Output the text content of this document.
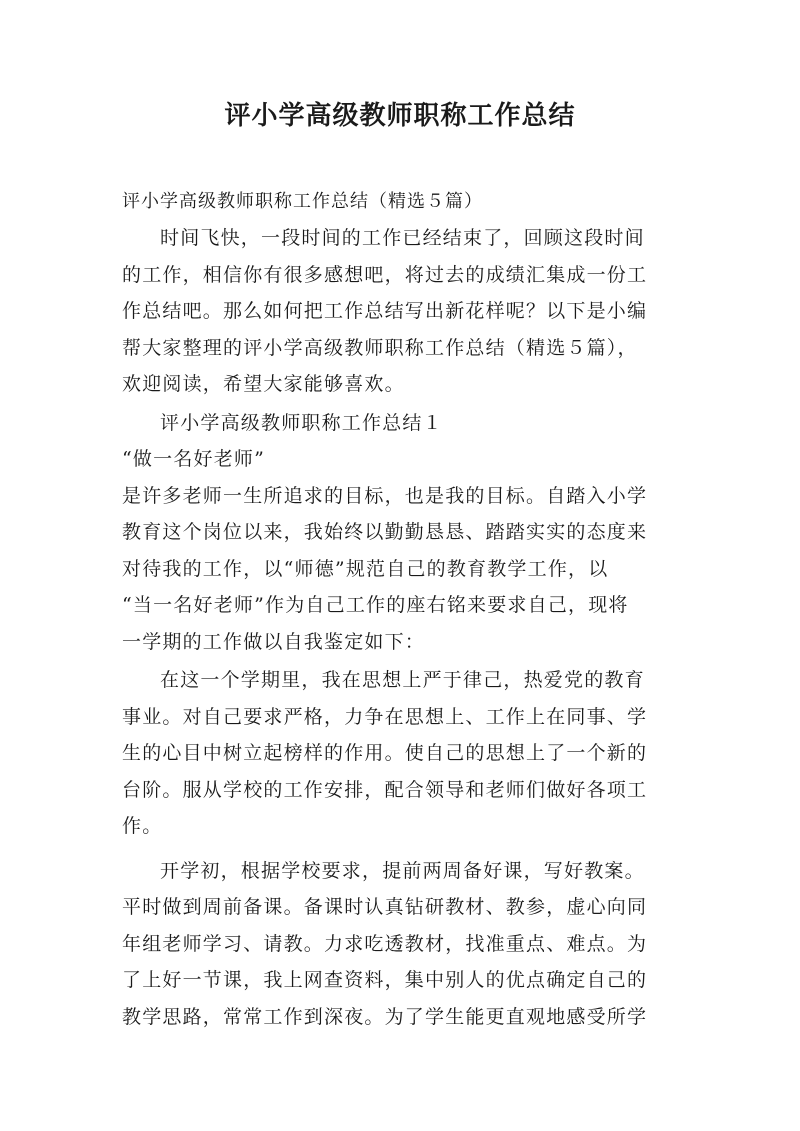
评小学高级教师职称工作总结

评小学高级教师职称工作总结（精选５篇）

时间飞快，一段时间的工作已经结束了，回顾这段时间
的工作，相信你有很多感想吧，将过去的成绩汇集成一份工
作总结吧。那么如何把工作总结写出新花样呢？以下是小编
帮大家整理的评小学高级教师职称工作总结（精选５篇），
欢迎阅读，希望大家能够喜欢。
评小学高级教师职称工作总结１
“做一名好老师”
是许多老师一生所追求的目标，也是我的目标。自踏入小学
教育这个岗位以来，我始终以勤勤恳恳、踏踏实实的态度来
对待我的工作，以“师德”规范自己的教育教学工作，以
“当一名好老师”作为自己工作的座右铭来要求自己，现将
一学期的工作做以自我鉴定如下：
在这一个学期里，我在思想上严于律己，热爱党的教育
事业。对自己要求严格，力争在思想上、工作上在同事、学
生的心目中树立起榜样的作用。使自己的思想上了一个新的
台阶。服从学校的工作安排，配合领导和老师们做好各项工
作。
开学初，根据学校要求，提前两周备好课，写好教案。
平时做到周前备课。备课时认真钻研教材、教参，虚心向同
年组老师学习、请教。力求吃透教材，找准重点、难点。为
了上好一节课，我上网查资料，集中别人的优点确定自己的
教学思路，常常工作到深夜。为了学生能更直观地感受所学
